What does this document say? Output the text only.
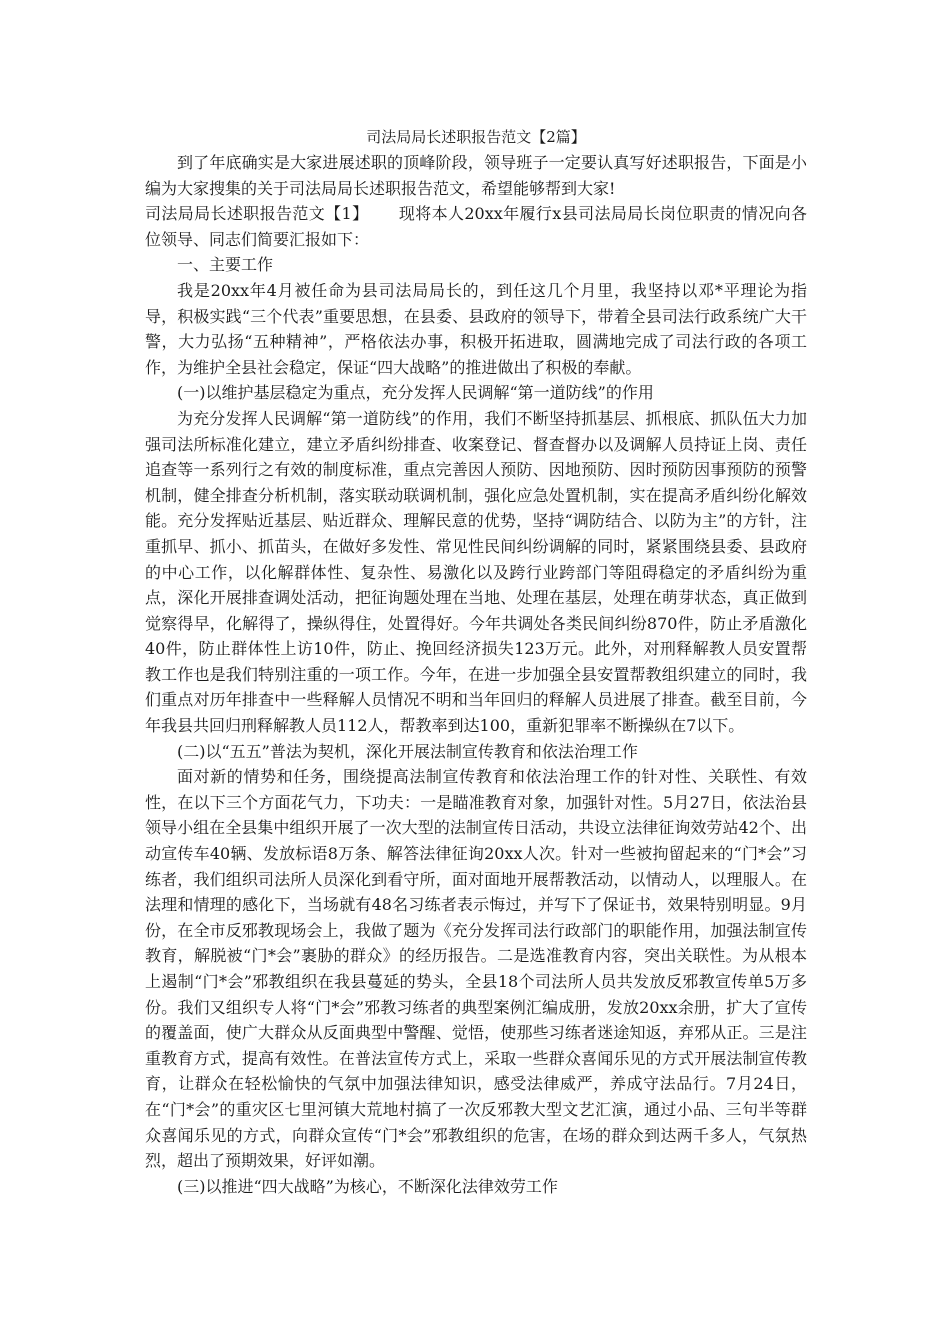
司法局局长述职报告范文【2篇】

到了年底确实是大家进展述职的顶峰阶段，领导班子一定要认真写好述职报告，下面是小编为大家搜集的关于司法局局长述职报告范文，希望能够帮到大家!

司法局局长述职报告范文【1】 现将本人20xx年履行x县司法局局长岗位职责的情况向各位领导、同志们简要汇报如下：

一、主要工作

我是20xx年4月被任命为县司法局局长的，到任这几个月里，我坚持以邓*平理论为指导，积极实践“三个代表”重要思想，在县委、县政府的领导下，带着全县司法行政系统广大干警，大力弘扬“五种精神”，严格依法办事，积极开拓进取，圆满地完成了司法行政的各项工作，为维护全县社会稳定，保证“四大战略”的推进做出了积极的奉献。

(一)以维护基层稳定为重点，充分发挥人民调解“第一道防线”的作用

为充分发挥人民调解“第一道防线”的作用，我们不断坚持抓基层、抓根底、抓队伍大力加强司法所标准化建立，建立矛盾纠纷排查、收案登记、督查督办以及调解人员持证上岗、责任追查等一系列行之有效的制度标准，重点完善因人预防、因地预防、因时预防因事预防的预警机制，健全排查分析机制，落实联动联调机制，强化应急处置机制，实在提高矛盾纠纷化解效能。充分发挥贴近基层、贴近群众、理解民意的优势，坚持“调防结合、以防为主”的方针，注重抓早、抓小、抓苗头，在做好多发性、常见性民间纠纷调解的同时，紧紧围绕县委、县政府的中心工作，以化解群体性、复杂性、易激化以及跨行业跨部门等阻碍稳定的矛盾纠纷为重点，深化开展排查调处活动，把征询题处理在当地、处理在基层，处理在萌芽状态，真正做到觉察得早，化解得了，操纵得住，处置得好。今年共调处各类民间纠纷870件，防止矛盾激化40件，防止群体性上访10件，防止、挽回经济损失123万元。此外，对刑释解教人员安置帮教工作也是我们特别注重的一项工作。今年，在进一步加强全县安置帮教组织建立的同时，我们重点对历年排查中一些释解人员情况不明和当年回归的释解人员进展了排查。截至目前，今年我县共回归刑释解教人员112人，帮教率到达100，重新犯罪率不断操纵在7以下。

(二)以“五五”普法为契机，深化开展法制宣传教育和依法治理工作

面对新的情势和任务，围绕提高法制宣传教育和依法治理工作的针对性、关联性、有效性，在以下三个方面花气力，下功夫：一是瞄准教育对象，加强针对性。5月27日，依法治县领导小组在全县集中组织开展了一次大型的法制宣传日活动，共设立法律征询效劳站42个、出动宣传车40辆、发放标语8万条、解答法律征询20xx人次。针对一些被拘留起来的“门*会”习练者，我们组织司法所人员深化到看守所，面对面地开展帮教活动，以情动人，以理服人。在法理和情理的感化下，当场就有48名习练者表示悔过，并写下了保证书，效果特别明显。9月份，在全市反邪教现场会上，我做了题为《充分发挥司法行政部门的职能作用，加强法制宣传教育，解脱被“门*会”裹胁的群众》的经历报告。二是选准教育内容，突出关联性。为从根本上遏制“门*会”邪教组织在我县蔓延的势头，全县18个司法所人员共发放反邪教宣传单5万多份。我们又组织专人将“门*会”邪教习练者的典型案例汇编成册，发放20xx余册，扩大了宣传的覆盖面，使广大群众从反面典型中警醒、觉悟，使那些习练者迷途知返，弃邪从正。三是注重教育方式，提高有效性。在普法宣传方式上，采取一些群众喜闻乐见的方式开展法制宣传教育，让群众在轻松愉快的气氛中加强法律知识，感受法律威严，养成守法品行。7月24日，在“门*会”的重灾区七里河镇大荒地村搞了一次反邪教大型文艺汇演，通过小品、三句半等群众喜闻乐见的方式，向群众宣传“门*会”邪教组织的危害，在场的群众到达两千多人，气氛热烈，超出了预期效果，好评如潮。

(三)以推进“四大战略”为核心，不断深化法律效劳工作
